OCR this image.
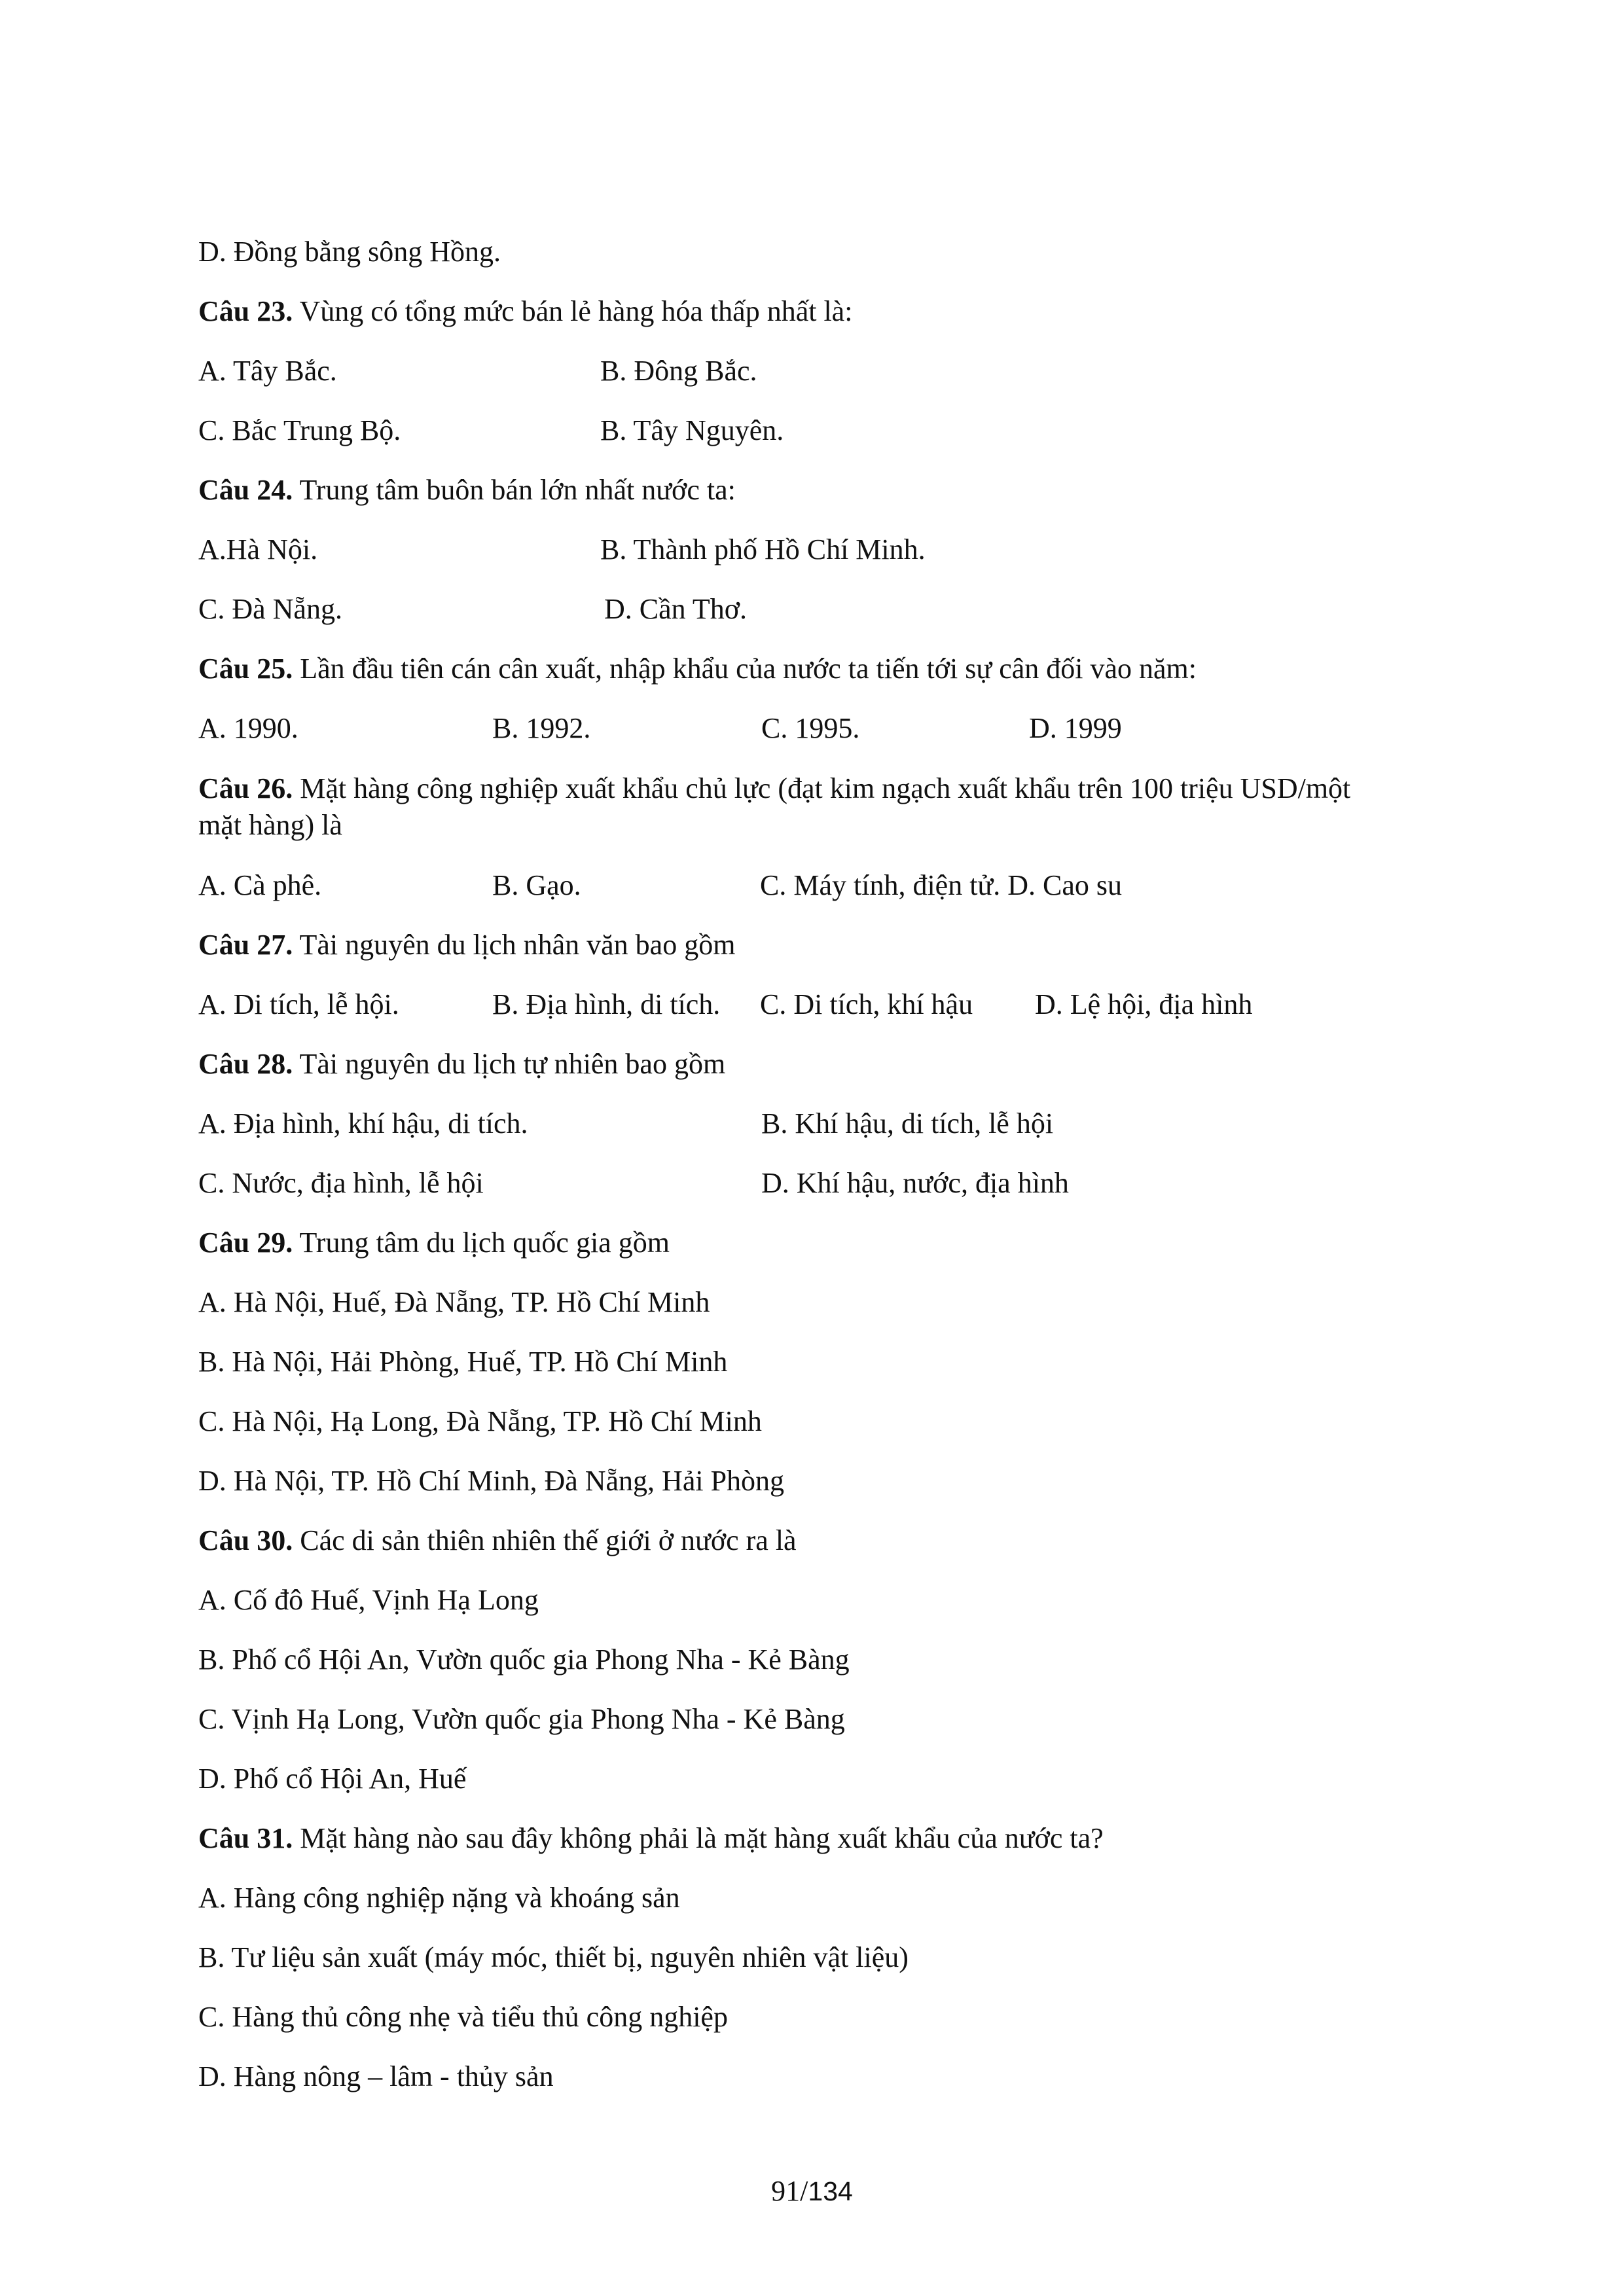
D. Đồng bằng sông Hồng.
Câu 23. Vùng có tổng mức bán lẻ hàng hóa thấp nhất là:
A. Tây Bắc.	B. Đông Bắc.
C. Bắc Trung Bộ.	B. Tây Nguyên.
Câu 24. Trung tâm buôn bán lớn nhất nước ta:
A.Hà Nội.	B. Thành phố Hồ Chí Minh.
C. Đà Nẵng.	D. Cần Thơ.
Câu 25. Lần đầu tiên cán cân xuất, nhập khẩu của nước ta tiến tới sự cân đối vào năm:
A. 1990.	B. 1992.	C. 1995.	D. 1999
Câu 26. Mặt hàng công nghiệp xuất khẩu chủ lực (đạt kim ngạch xuất khẩu trên 100 triệu USD/một
mặt hàng) là
A. Cà phê.	B. Gạo.	C. Máy tính, điện tử. D. Cao su
Câu 27. Tài nguyên du lịch nhân văn bao gồm
A. Di tích, lễ hội.	B. Địa hình, di tích. C. Di tích, khí hậu D. Lệ hội, địa hình
Câu 28. Tài nguyên du lịch tự nhiên bao gồm
A. Địa hình, khí hậu, di tích.	B. Khí hậu, di tích, lễ hội
C. Nước, địa hình, lễ hội	D. Khí hậu, nước, địa hình
Câu 29. Trung tâm du lịch quốc gia gồm
A. Hà Nội, Huế, Đà Nẵng, TP. Hồ Chí Minh
B. Hà Nội, Hải Phòng, Huế, TP. Hồ Chí Minh
C. Hà Nội, Hạ Long, Đà Nẵng, TP. Hồ Chí Minh
D. Hà Nội, TP. Hồ Chí Minh, Đà Nẵng, Hải Phòng
Câu 30. Các di sản thiên nhiên thế giới ở nước ra là
A. Cố đô Huế, Vịnh Hạ Long
B. Phố cổ Hội An, Vườn quốc gia Phong Nha - Kẻ Bàng
C. Vịnh Hạ Long, Vườn quốc gia Phong Nha - Kẻ Bàng
D. Phố cổ Hội An, Huế
Câu 31. Mặt hàng nào sau đây không phải là mặt hàng xuất khẩu của nước ta?
A. Hàng công nghiệp nặng và khoáng sản
B. Tư liệu sản xuất (máy móc, thiết bị, nguyên nhiên vật liệu)
C. Hàng thủ công nhẹ và tiểu thủ công nghiệp
D. Hàng nông – lâm - thủy sản
91/134
